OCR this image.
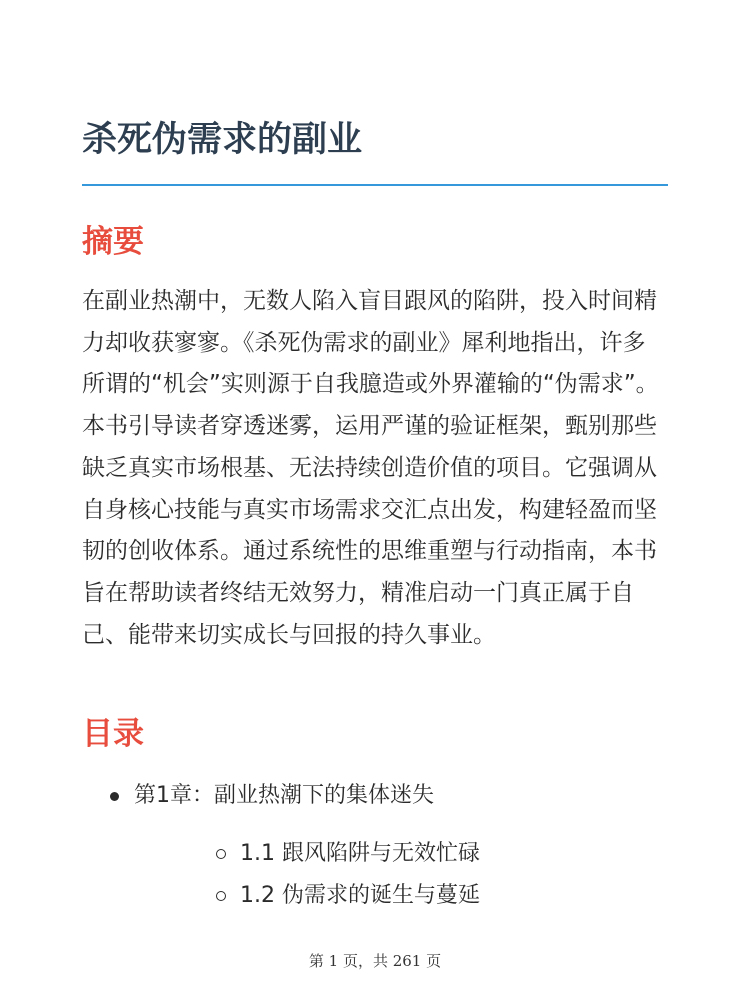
杀死伪需求的副业
摘要

在副业热潮中，无数人陷入盲目跟风的陷阱，投入时间精力却收获寥寥。《杀死伪需求的副业》犀利地指出，许多所谓的“机会”实则源于自我臆造或外界灌输的“伪需求”。本书引导读者穿透迷雾，运用严谨的验证框架，甄别那些缺乏真实市场根基、无法持续创造价值的项目。它强调从自身核心技能与真实市场需求交汇点出发，构建轻盈而坚韧的创收体系。通过系统性的思维重塑与行动指南，本书旨在帮助读者终结无效努力，精准启动一门真正属于自己、能带来切实成长与回报的持久事业。

目录
第1章：副业热潮下的集体迷失
1.1 跟风陷阱与无效忙碌
1.2 伪需求的诞生与蔓延
第 1 页，共 261 页
